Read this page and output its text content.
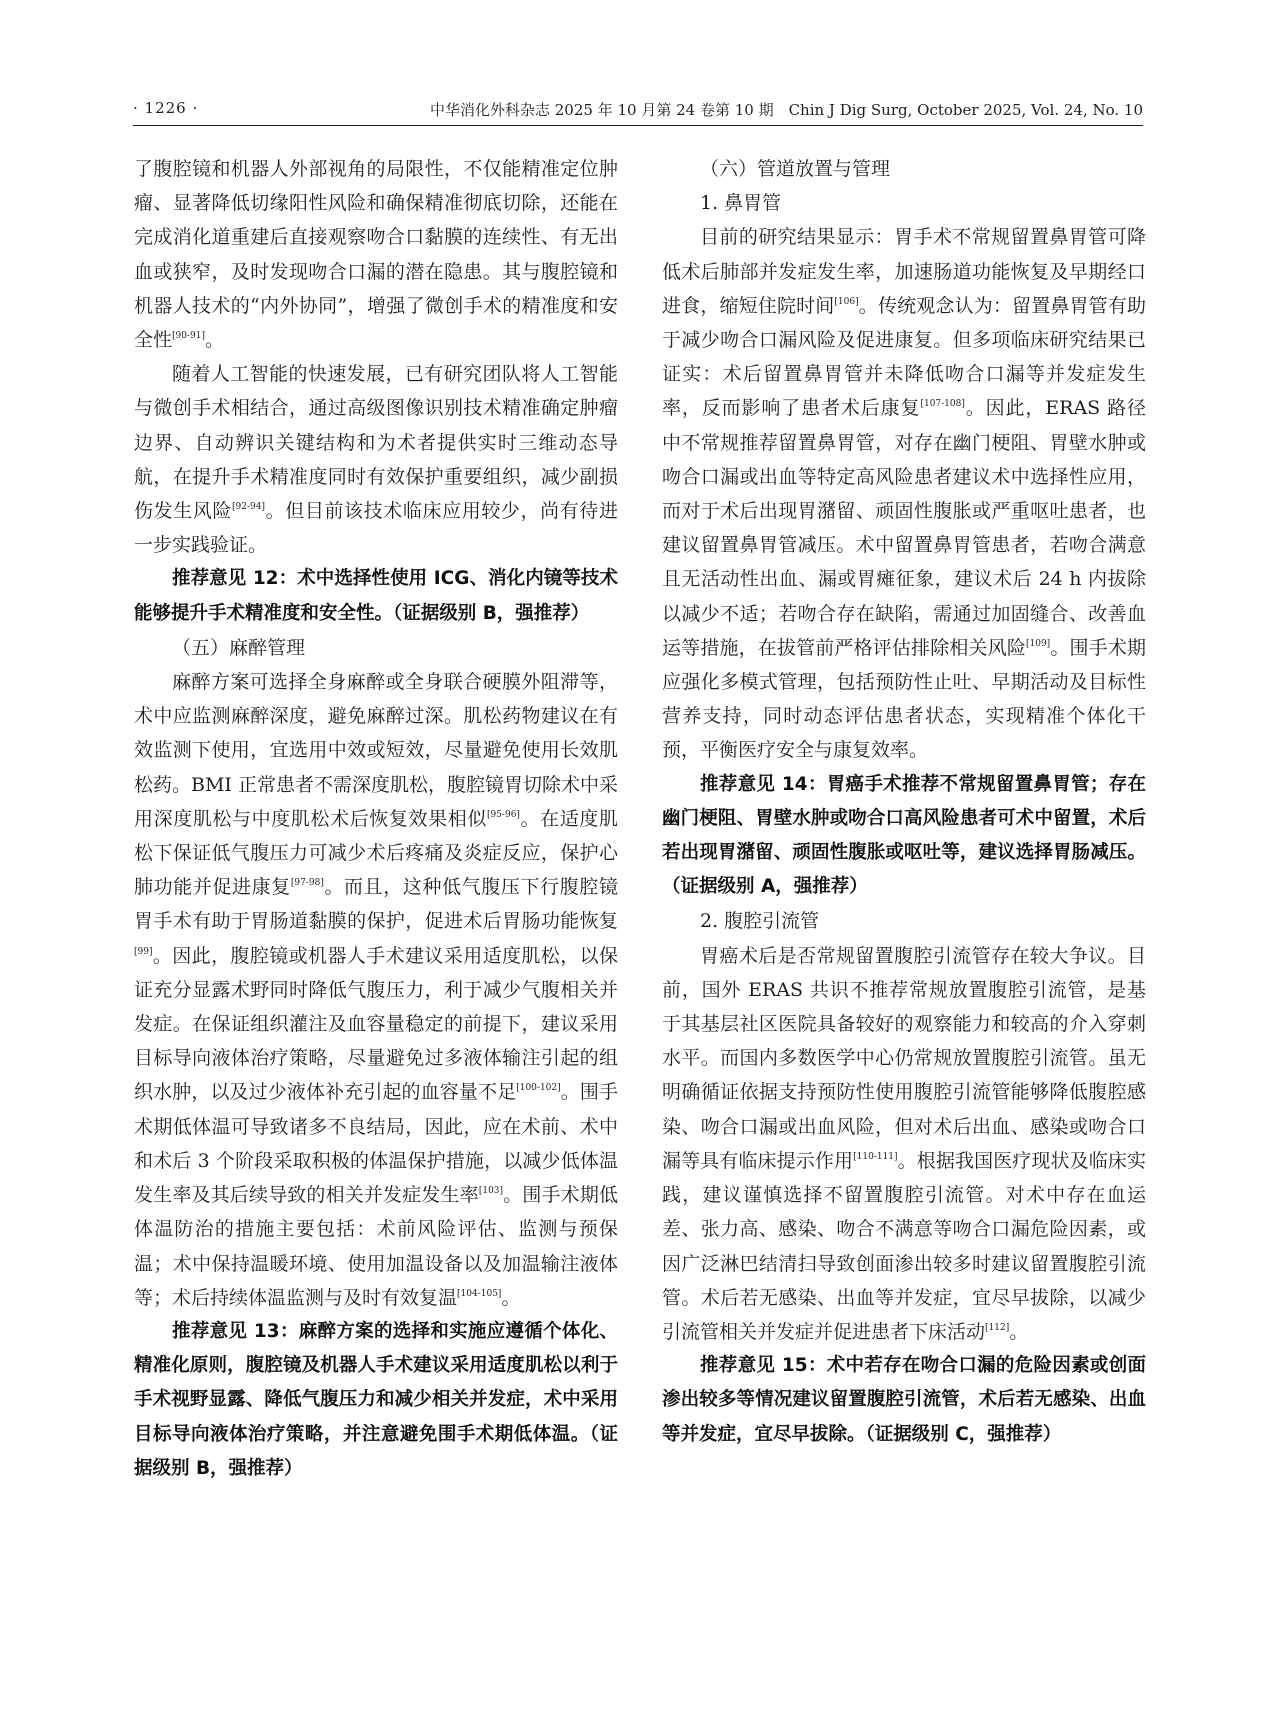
· 1226 ·	中华消化外科杂志 2025 年 10 月第 24 卷第 10 期　Chin J Dig Surg, October 2025, Vol. 24, No. 10

了腹腔镜和机器人外部视角的局限性，不仅能精准定位肿瘤、显著降低切缘阳性风险和确保精准彻底切除，还能在完成消化道重建后直接观察吻合口黏膜的连续性、有无出血或狭窄，及时发现吻合口漏的潜在隐患。其与腹腔镜和机器人技术的“内外协同”，增强了微创手术的精准度和安全性[90-91]。

随着人工智能的快速发展，已有研究团队将人工智能与微创手术相结合，通过高级图像识别技术精准确定肿瘤边界、自动辨识关键结构和为术者提供实时三维动态导航，在提升手术精准度同时有效保护重要组织，减少副损伤发生风险[92-94]。但目前该技术临床应用较少，尚有待进一步实践验证。

推荐意见 12：术中选择性使用 ICG、消化内镜等技术能够提升手术精准度和安全性。（证据级别 B，强推荐）

（五）麻醉管理

麻醉方案可选择全身麻醉或全身联合硬膜外阻滞等，术中应监测麻醉深度，避免麻醉过深。肌松药物建议在有效监测下使用，宜选用中效或短效，尽量避免使用长效肌松药。BMI 正常患者不需深度肌松，腹腔镜胃切除术中采用深度肌松与中度肌松术后恢复效果相似[95-96]。在适度肌松下保证低气腹压力可减少术后疼痛及炎症反应，保护心肺功能并促进康复[97-98]。而且，这种低气腹压下行腹腔镜胃手术有助于胃肠道黏膜的保护，促进术后胃肠功能恢复[99]。因此，腹腔镜或机器人手术建议采用适度肌松，以保证充分显露术野同时降低气腹压力，利于减少气腹相关并发症。在保证组织灌注及血容量稳定的前提下，建议采用目标导向液体治疗策略，尽量避免过多液体输注引起的组织水肿，以及过少液体补充引起的血容量不足[100-102]。围手术期低体温可导致诸多不良结局，因此，应在术前、术中和术后 3 个阶段采取积极的体温保护措施，以减少低体温发生率及其后续导致的相关并发症发生率[103]。围手术期低体温防治的措施主要包括：术前风险评估、监测与预保温；术中保持温暖环境、使用加温设备以及加温输注液体等；术后持续体温监测与及时有效复温[104-105]。

推荐意见 13：麻醉方案的选择和实施应遵循个体化、精准化原则，腹腔镜及机器人手术建议采用适度肌松以利于手术视野显露、降低气腹压力和减少相关并发症，术中采用目标导向液体治疗策略，并注意避免围手术期低体温。（证据级别 B，强推荐）

（六）管道放置与管理

1. 鼻胃管

目前的研究结果显示：胃手术不常规留置鼻胃管可降低术后肺部并发症发生率，加速肠道功能恢复及早期经口进食，缩短住院时间[106]。传统观念认为：留置鼻胃管有助于减少吻合口漏风险及促进康复。但多项临床研究结果已证实：术后留置鼻胃管并未降低吻合口漏等并发症发生率，反而影响了患者术后康复[107-108]。因此，ERAS 路径中不常规推荐留置鼻胃管，对存在幽门梗阻、胃壁水肿或吻合口漏或出血等特定高风险患者建议术中选择性应用，而对于术后出现胃潴留、顽固性腹胀或严重呕吐患者，也建议留置鼻胃管减压。术中留置鼻胃管患者，若吻合满意且无活动性出血、漏或胃瘫征象，建议术后 24 h 内拔除以减少不适；若吻合存在缺陷，需通过加固缝合、改善血运等措施，在拔管前严格评估排除相关风险[109]。围手术期应强化多模式管理，包括预防性止吐、早期活动及目标性营养支持，同时动态评估患者状态，实现精准个体化干预，平衡医疗安全与康复效率。

推荐意见 14：胃癌手术推荐不常规留置鼻胃管；存在幽门梗阻、胃壁水肿或吻合口高风险患者可术中留置，术后若出现胃潴留、顽固性腹胀或呕吐等，建议选择胃肠减压。（证据级别 A，强推荐）

2. 腹腔引流管

胃癌术后是否常规留置腹腔引流管存在较大争议。目前，国外 ERAS 共识不推荐常规放置腹腔引流管，是基于其基层社区医院具备较好的观察能力和较高的介入穿刺水平。而国内多数医学中心仍常规放置腹腔引流管。虽无明确循证依据支持预防性使用腹腔引流管能够降低腹腔感染、吻合口漏或出血风险，但对术后出血、感染或吻合口漏等具有临床提示作用[110-111]。根据我国医疗现状及临床实践，建议谨慎选择不留置腹腔引流管。对术中存在血运差、张力高、感染、吻合不满意等吻合口漏危险因素，或因广泛淋巴结清扫导致创面渗出较多时建议留置腹腔引流管。术后若无感染、出血等并发症，宜尽早拔除，以减少引流管相关并发症并促进患者下床活动[112]。

推荐意见 15：术中若存在吻合口漏的危险因素或创面渗出较多等情况建议留置腹腔引流管，术后若无感染、出血等并发症，宜尽早拔除。（证据级别 C，强推荐）
